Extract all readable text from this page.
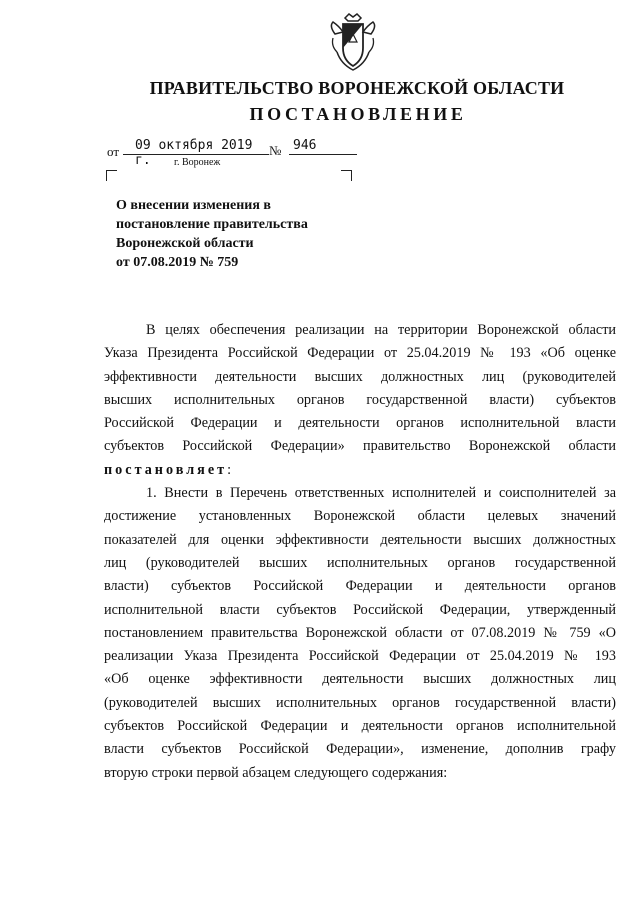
ПРАВИТЕЛЬСТВО ВОРОНЕЖСКОЙ ОБЛАСТИ
ПОСТАНОВЛЕНИЕ
от	09 октября 2019 г.
№ 946
г. Воронеж
О внесении изменения в
постановление правительства
Воронежской области
от 07.08.2019 № 759
В целях обеспечения реализации на территории Воронежской области
Указа Президента Российской Федерации от 25.04.2019 № 193 «Об оценке
эффективности деятельности высших должностных лиц (руководителей
высших исполнительных органов государственной власти) субъектов
Российской Федерации и деятельности органов исполнительной власти
субъектов Российской Федерации» правительство Воронежской области
постановляет:
1. Внести в Перечень ответственных исполнителей и соисполнителей за
достижение установленных Воронежской области целевых значений
показателей для оценки эффективности деятельности высших должностных
лиц (руководителей высших исполнительных органов государственной
власти) субъектов Российской Федерации и деятельности органов
исполнительной власти субъектов Российской Федерации, утвержденный
постановлением правительства Воронежской области от 07.08.2019 № 759 «О
реализации Указа Президента Российской Федерации от 25.04.2019 № 193
«Об оценке эффективности деятельности высших должностных лиц
(руководителей высших исполнительных органов государственной власти)
субъектов Российской Федерации и деятельности органов исполнительной
власти субъектов Российской Федерации», изменение, дополнив графу
вторую строки первой абзацем следующего содержания:
